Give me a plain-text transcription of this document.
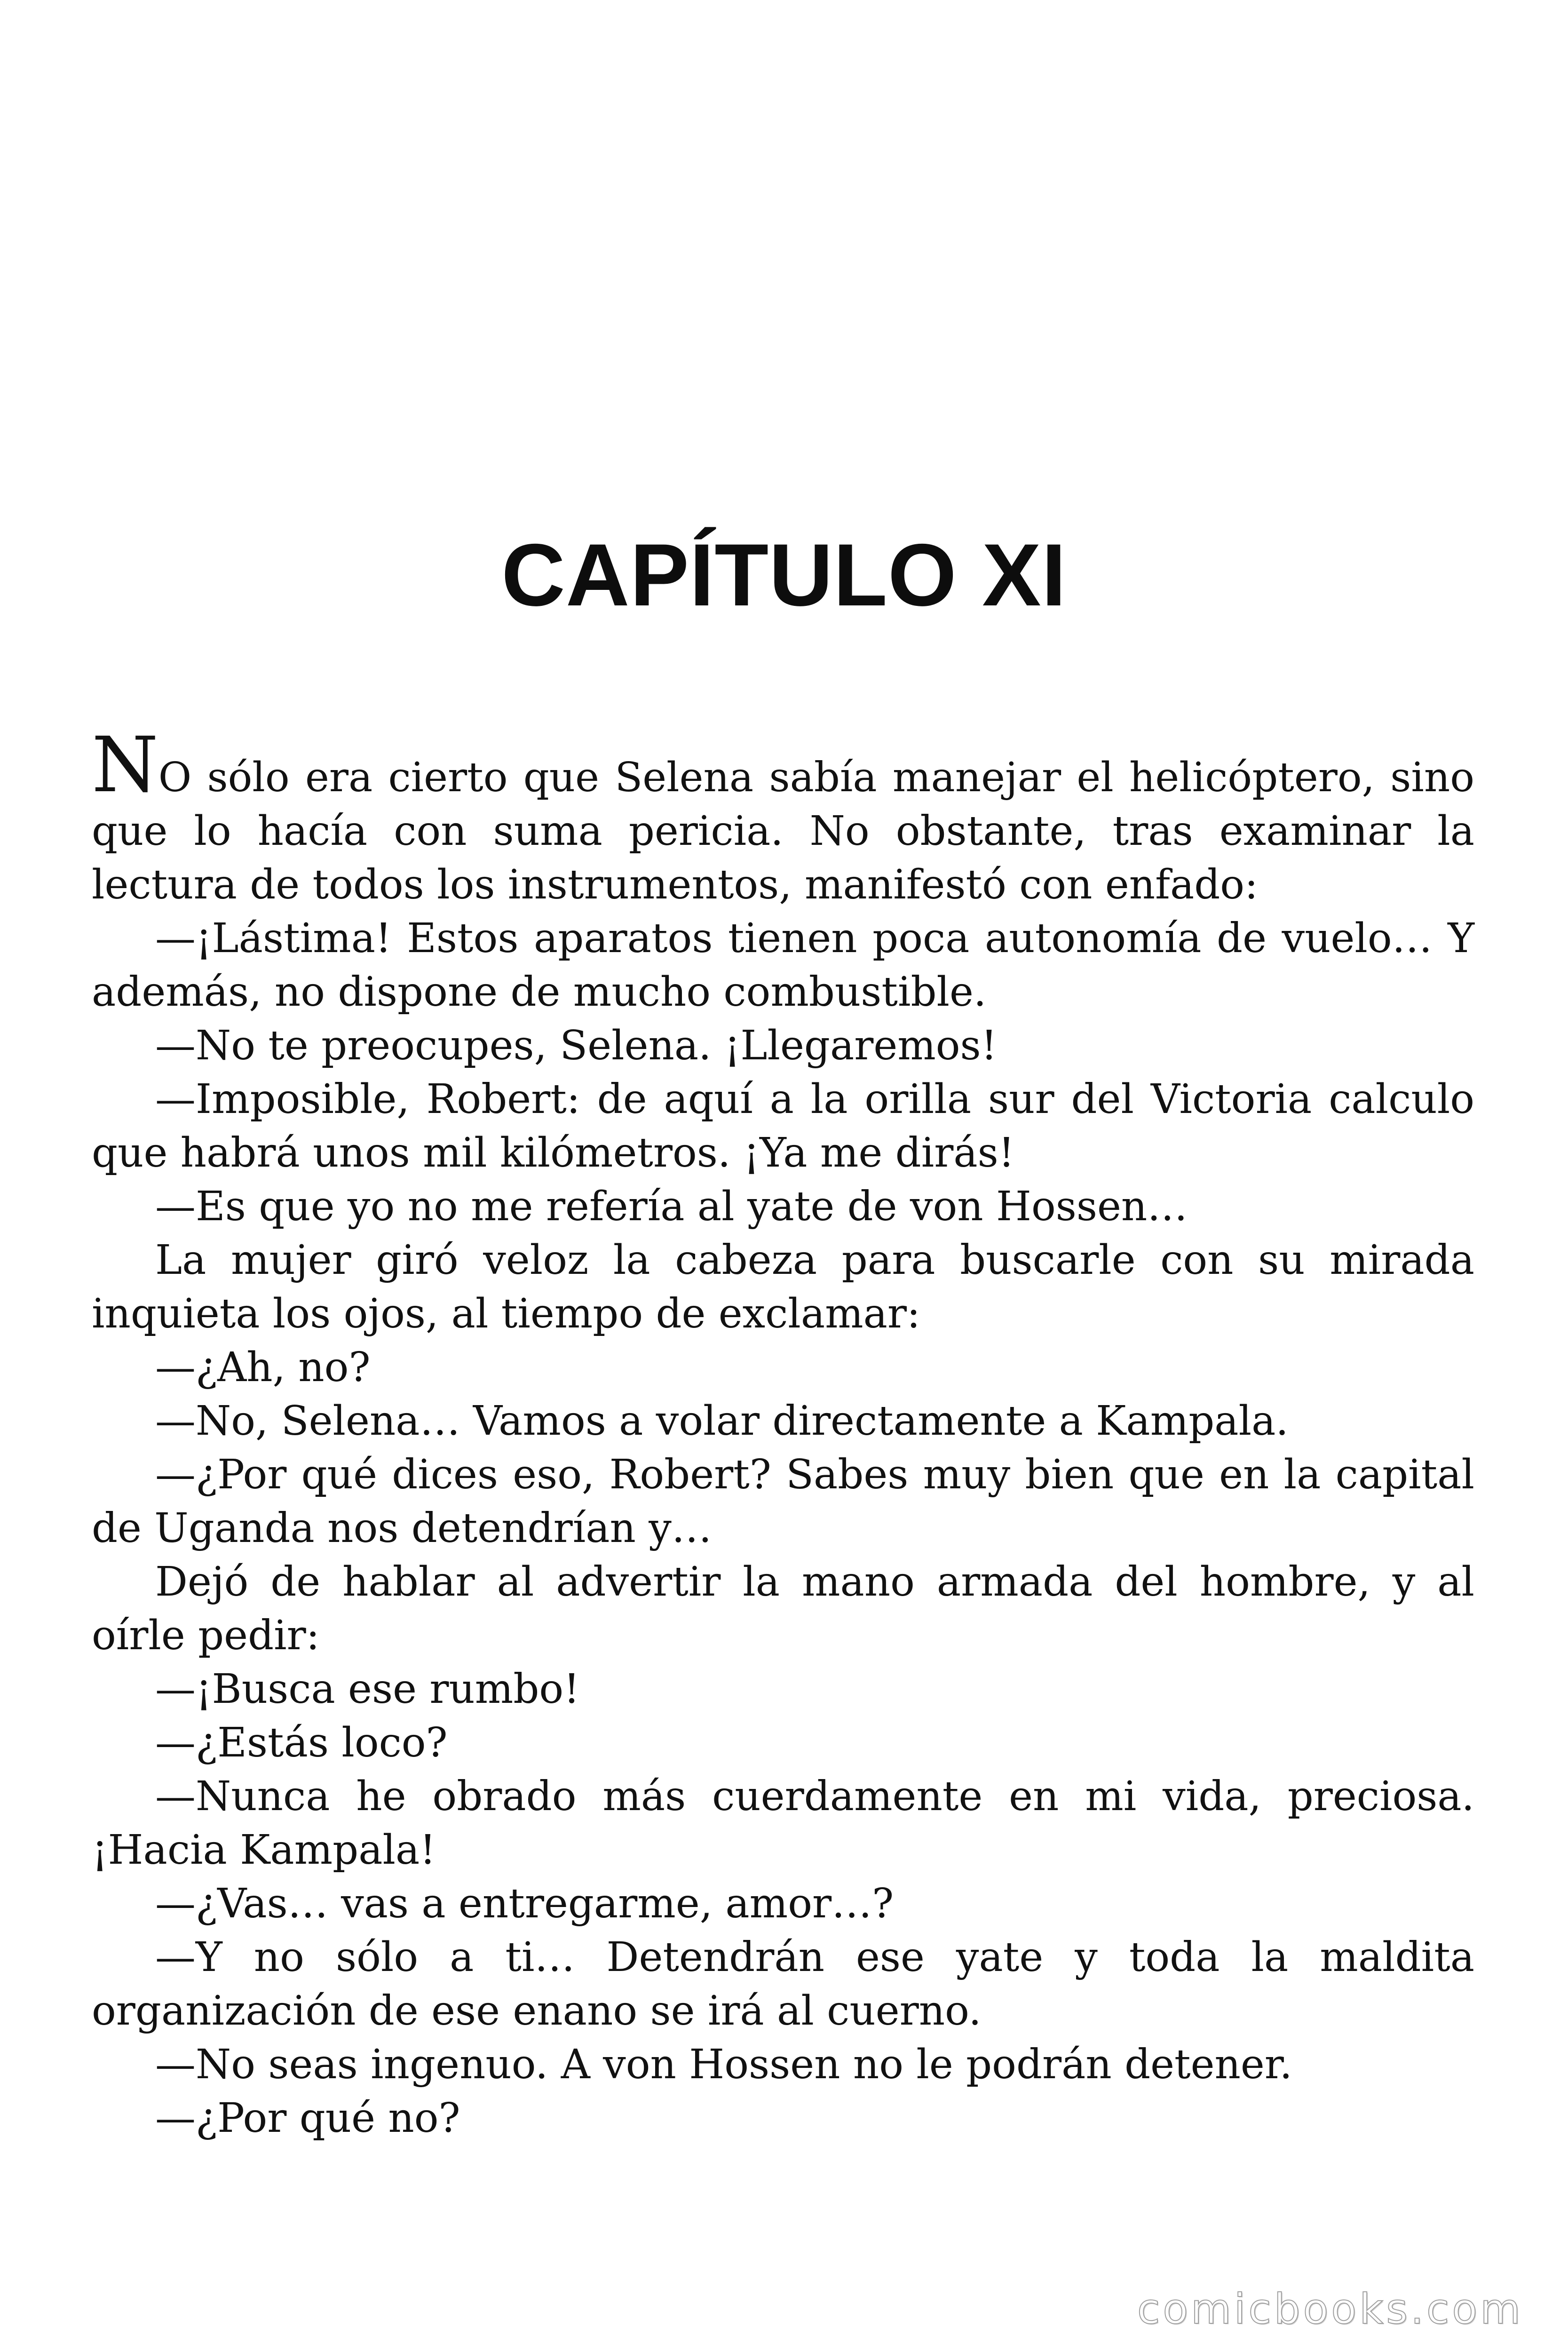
CAPÍTULO XI

NO sólo era cierto que Selena sabía manejar el helicóptero, sino que lo hacía con suma pericia. No obstante, tras examinar la lectura de todos los instrumentos, manifestó con enfado:

—¡Lástima! Estos aparatos tienen poca autonomía de vuelo… Y además, no dispone de mucho combustible.

—No te preocupes, Selena. ¡Llegaremos!

—Imposible, Robert: de aquí a la orilla sur del Victoria calculo que habrá unos mil kilómetros. ¡Ya me dirás!

—Es que yo no me refería al yate de von Hossen…

La mujer giró veloz la cabeza para buscarle con su mirada inquieta los ojos, al tiempo de exclamar:

—¿Ah, no?

—No, Selena… Vamos a volar directamente a Kampala.

—¿Por qué dices eso, Robert? Sabes muy bien que en la capital de Uganda nos detendrían y…

Dejó de hablar al advertir la mano armada del hombre, y al oírle pedir:

—¡Busca ese rumbo!

—¿Estás loco?

—Nunca he obrado más cuerdamente en mi vida, preciosa. ¡Hacia Kampala!

—¿Vas… vas a entregarme, amor…?

—Y no sólo a ti… Detendrán ese yate y toda la maldita organización de ese enano se irá al cuerno.

—No seas ingenuo. A von Hossen no le podrán detener.

—¿Por qué no?

comicbooks.com
